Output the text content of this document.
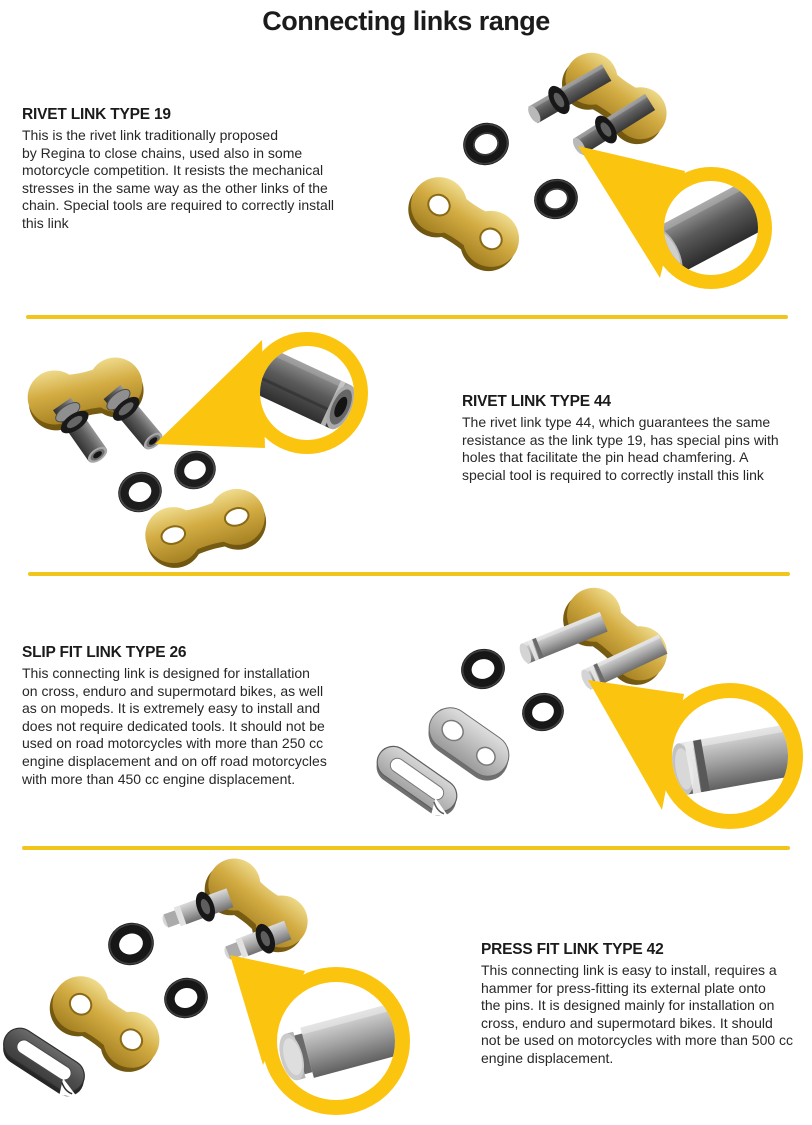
Connecting links range
RIVET LINK TYPE 19

This is the rivet link traditionally proposed
by Regina to close chains, used also in some
motorcycle competition. It resists the mechanical
stresses in the same way as the other links of the
chain. Special tools are required to correctly install
this link

RIVET LINK TYPE 44

The rivet link type 44, which guarantees the same
resistance as the link type 19, has special pins with
holes that facilitate the pin head chamfering. A
special tool is required to correctly install this link

SLIP FIT LINK TYPE 26

This connecting link is designed for installation
on cross, enduro and supermotard bikes, as well
as on mopeds. It is extremely easy to install and
does not require dedicated tools. It should not be
used on road motorcycles with more than 250 cc
engine displacement and on off road motorcycles
with more than 450 cc engine displacement.

PRESS FIT LINK TYPE 42

This connecting link is easy to install, requires a
hammer for press-fitting its external plate onto
the pins. It is designed mainly for installation on
cross, enduro and supermotard bikes. It should
not be used on motorcycles with more than 500 cc
engine displacement.
